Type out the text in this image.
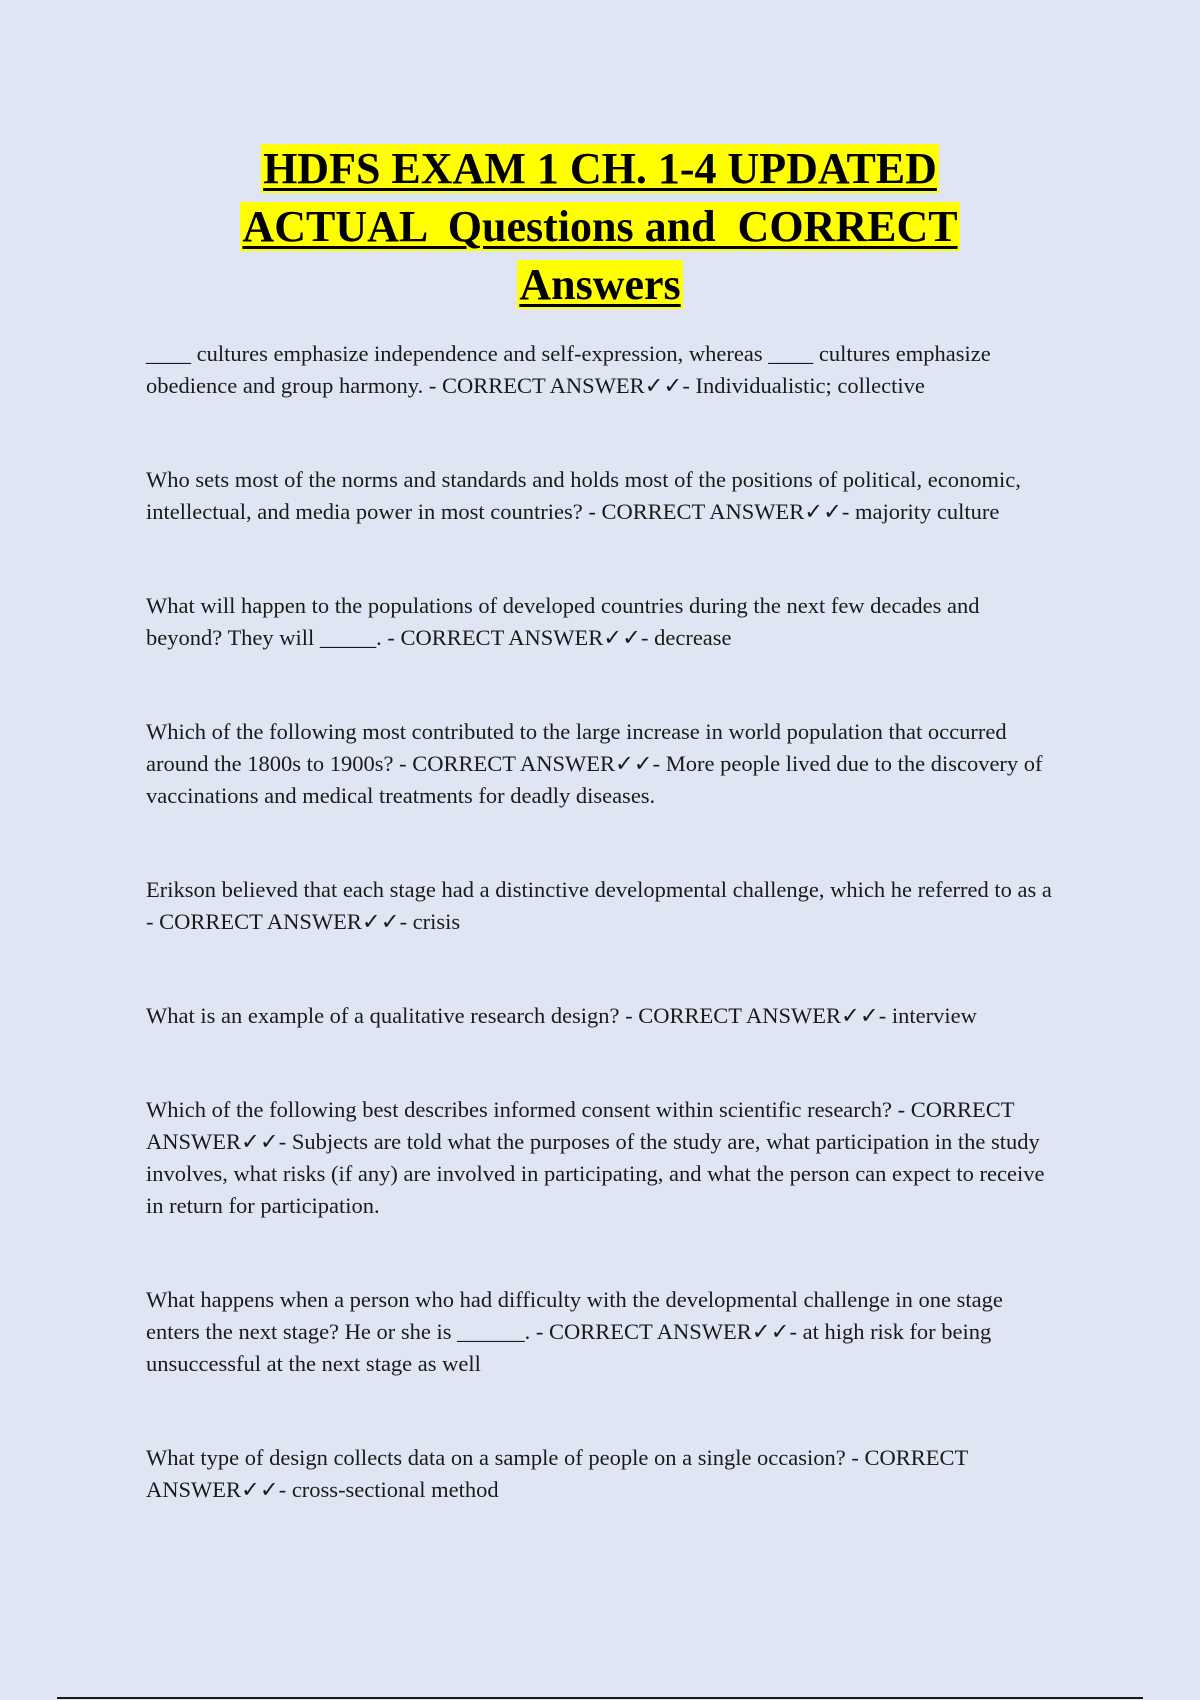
HDFS EXAM 1 CH. 1-4 UPDATED
ACTUAL  Questions and  CORRECT
Answers

____ cultures emphasize independence and self-expression, whereas ____ cultures emphasize obedience and group harmony. - CORRECT ANSWER✓✓- Individualistic; collective

Who sets most of the norms and standards and holds most of the positions of political, economic, intellectual, and media power in most countries? - CORRECT ANSWER✓✓- majority culture

What will happen to the populations of developed countries during the next few decades and beyond? They will _____. - CORRECT ANSWER✓✓- decrease

Which of the following most contributed to the large increase in world population that occurred around the 1800s to 1900s? - CORRECT ANSWER✓✓- More people lived due to the discovery of vaccinations and medical treatments for deadly diseases.

Erikson believed that each stage had a distinctive developmental challenge, which he referred to as a - CORRECT ANSWER✓✓- crisis

What is an example of a qualitative research design? - CORRECT ANSWER✓✓- interview

Which of the following best describes informed consent within scientific research? - CORRECT ANSWER✓✓- Subjects are told what the purposes of the study are, what participation in the study involves, what risks (if any) are involved in participating, and what the person can expect to receive in return for participation.

What happens when a person who had difficulty with the developmental challenge in one stage enters the next stage? He or she is ______. - CORRECT ANSWER✓✓- at high risk for being unsuccessful at the next stage as well

What type of design collects data on a sample of people on a single occasion? - CORRECT ANSWER✓✓- cross-sectional method
